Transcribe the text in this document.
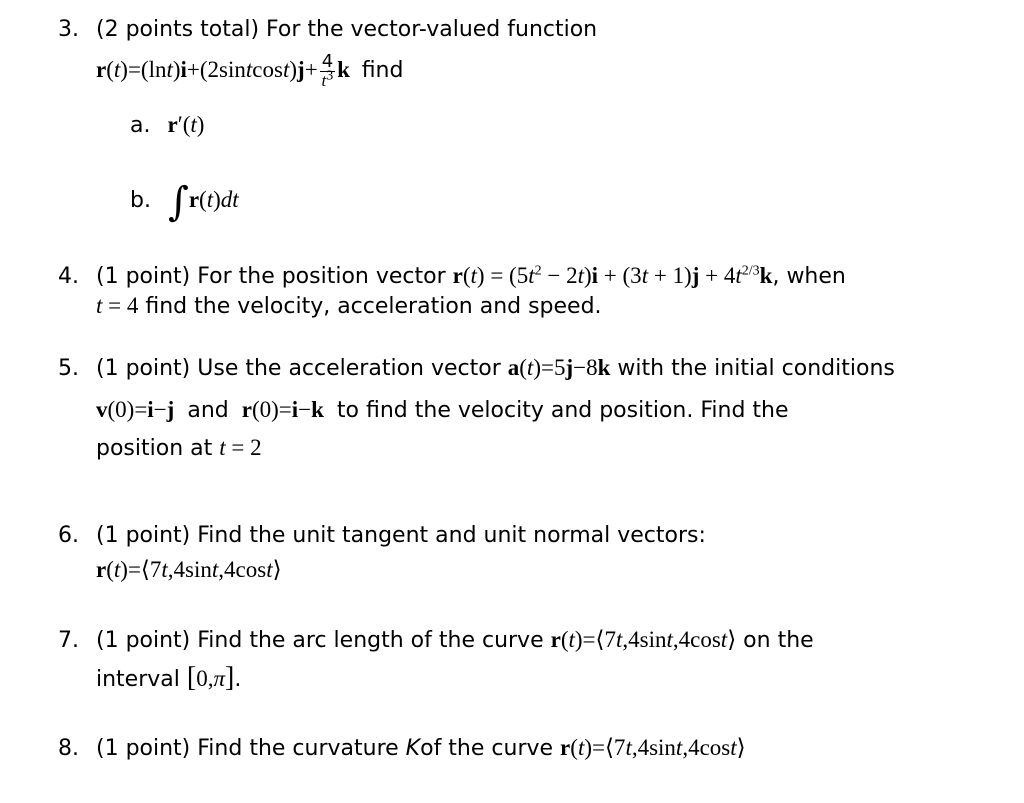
3. (2 points total) For the vector-valued function
r(t)=(lnt)i+(2sintcost)j+ $\frac{4}{t^3}$ k find
a. r′(t)
b. ∫r(t)dt
4. (1 point) For the position vector $r(t) = (5t^2 - 2t)i + (3t + 1)j + 4t^{2/3}k$, when
t = 4 find the velocity, acceleration and speed.
5. (1 point) Use the acceleration vector a(t)=5j−8k with the initial conditions
v(0)=i−j and r(0)=i−k to find the velocity and position. Find the
position at t = 2
6. (1 point) Find the unit tangent and unit normal vectors:
r(t)=⟨7t,4sint,4cost⟩
7. (1 point) Find the arc length of the curve r(t)=⟨7t,4sint,4cost⟩ on the
interval [0,π].
8. (1 point) Find the curvature Kof the curve r(t)=⟨7t,4sint,4cost⟩
